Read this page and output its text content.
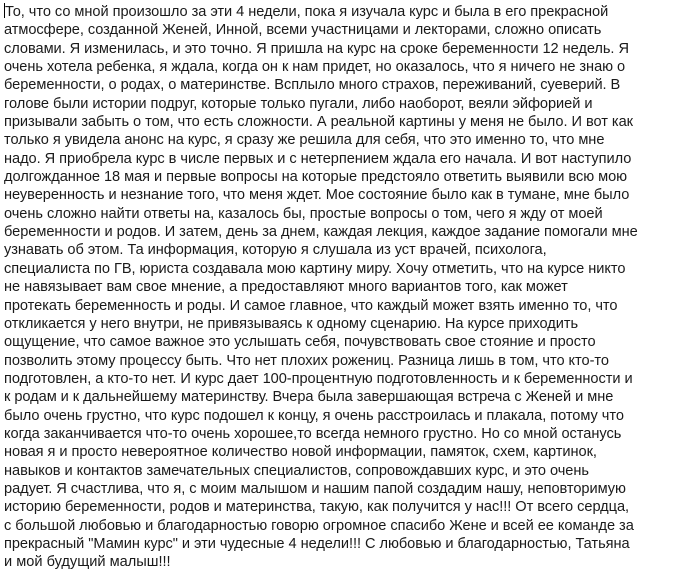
То, что со мной произошло за эти 4 недели, пока я изучала курс и была в его прекрасной
атмосфере, созданной Женей, Инной, всеми участницами и лекторами, сложно описать
словами. Я изменилась, и это точно. Я пришла на курс на сроке беременности 12 недель. Я
очень хотела ребенка, я ждала, когда он к нам придет, но оказалось, что я ничего не знаю о
беременности, о родах, о материнстве. Всплыло много страхов, переживаний, суеверий. В
голове были истории подруг, которые только пугали, либо наоборот, веяли эйфорией и
призывали забыть о том, что есть сложности. А реальной картины у меня не было. И вот как
только я увидела анонс на курс, я сразу же решила для себя, что это именно то, что мне
надо. Я приобрела курс в числе первых и с нетерпением ждала его начала. И вот наступило
долгожданное 18 мая и первые вопросы на которые предстояло ответить выявили всю мою
неуверенность и незнание того, что меня ждет. Мое состояние было как в тумане, мне было
очень сложно найти ответы на, казалось бы, простые вопросы о том, чего я жду от моей
беременности и родов. И затем, день за днем, каждая лекция, каждое задание помогали мне
узнавать об этом. Та информация, которую я слушала из уст врачей, психолога,
специалиста по ГВ, юриста создавала мою картину миру. Хочу отметить, что на курсе никто
не навязывает вам свое мнение, а предоставляют много вариантов того, как может
протекать беременность и роды. И самое главное, что каждый может взять именно то, что
откликается у него внутри, не привязываясь к одному сценарию. На курсе приходить
ощущение, что самое важное это услышать себя, почувствовать свое стояние и просто
позволить этому процессу быть. Что нет плохих рожениц. Разница лишь в том, что кто-то
подготовлен, а кто-то нет. И курс дает 100-процентную подготовленность и к беременности и
к родам и к дальнейшему материнству. Вчера была завершающая встреча с Женей и мне
было очень грустно, что курс подошел к концу, я очень расстроилась и плакала, потому что
когда заканчивается что-то очень хорошее,то всегда немного грустно. Но со мной останусь
новая я и просто невероятное количество новой информации, памяток, схем, картинок,
навыков и контактов замечательных специалистов, сопровождавших курс, и это очень
радует. Я счастлива, что я, с моим малышом и нашим папой создадим нашу, неповторимую
историю беременности, родов и материнства, такую, как получится у нас!!! От всего сердца,
с большой любовью и благодарностью говорю огромное спасибо Жене и всей ее команде за
прекрасный "Мамин курс" и эти чудесные 4 недели!!! С любовью и благодарностью, Татьяна
и мой будущий малыш!!!
